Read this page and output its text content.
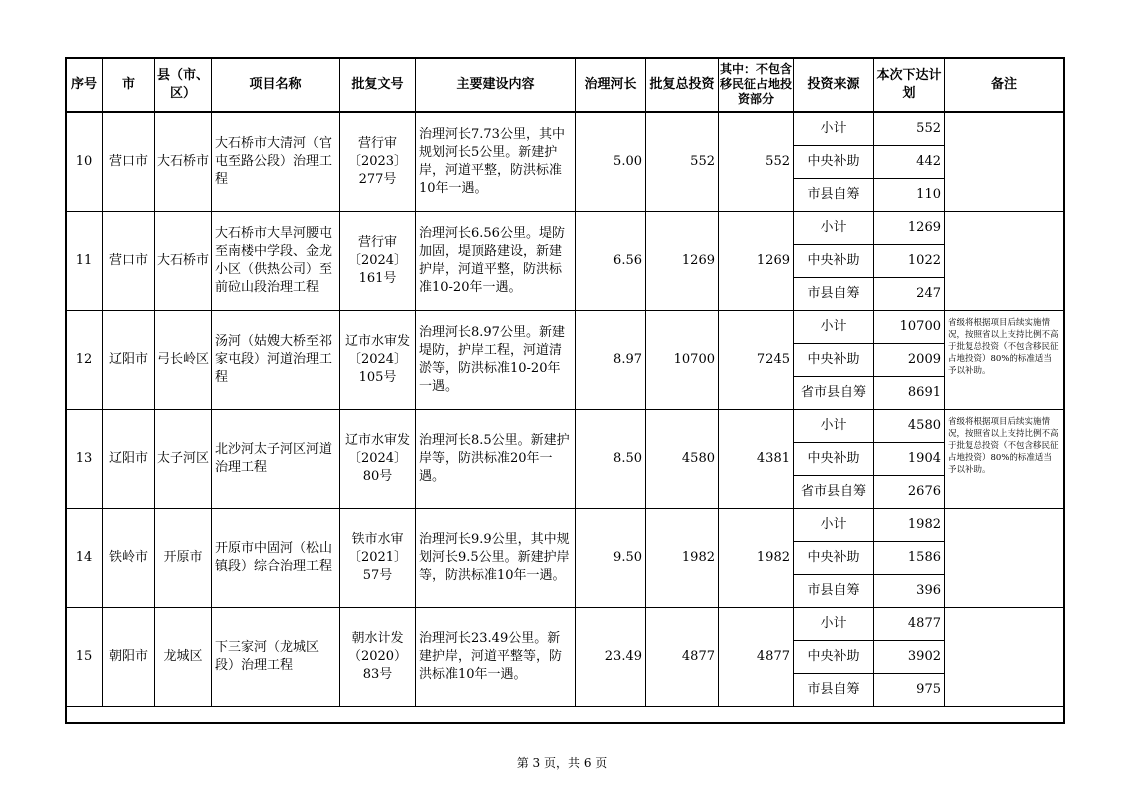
序号	市	县（市、区）	项目名称	批复文号	主要建设内容	治理河长	批复总投资	其中：不包含移民征占地投资部分	投资来源	本次下达计划	备注
10	营口市	大石桥市	大石桥市大清河（官屯至路公段）治理工程	营行审〔2023〕277号	治理河长7.73公里，其中规划河长5公里。新建护岸，河道平整，防洪标准10年一遇。	5.00	552	552	小计	552	
									中央补助	442	
									市县自筹	110	
11	营口市	大石桥市	大石桥市大旱河腰屯至南楼中学段、金龙小区（供热公司）至前砬山段治理工程	营行审〔2024〕161号	治理河长6.56公里。堤防加固，堤顶路建设，新建护岸，河道平整，防洪标准10-20年一遇。	6.56	1269	1269	小计	1269	
									中央补助	1022	
									市县自筹	247	
12	辽阳市	弓长岭区	汤河（姑嫂大桥至祁家屯段）河道治理工程	辽市水审发〔2024〕105号	治理河长8.97公里。新建堤防，护岸工程，河道清淤等，防洪标准10-20年一遇。	8.97	10700	7245	小计	10700	省级将根据项目后续实施情况，按照省以上支持比例不高于批复总投资（不包含移民征占地投资）80%的标准适当予以补助。
									中央补助	2009	
									省市县自筹	8691	
13	辽阳市	太子河区	北沙河太子河区河道治理工程	辽市水审发〔2024〕80号	治理河长8.5公里。新建护岸等，防洪标准20年一遇。	8.50	4580	4381	小计	4580	省级将根据项目后续实施情况，按照省以上支持比例不高于批复总投资（不包含移民征占地投资）80%的标准适当予以补助。
									中央补助	1904	
									省市县自筹	2676	
14	铁岭市	开原市	开原市中固河（松山镇段）综合治理工程	铁市水审〔2021〕57号	治理河长9.9公里，其中规划河长9.5公里。新建护岸等，防洪标准10年一遇。	9.50	1982	1982	小计	1982	
									中央补助	1586	
									市县自筹	396	
15	朝阳市	龙城区	下三家河（龙城区段）治理工程	朝水计发（2020）83号	治理河长23.49公里。新建护岸，河道平整等，防洪标准10年一遇。	23.49	4877	4877	小计	4877	
									中央补助	3902	
									市县自筹	975	
第 3 页，共 6 页
